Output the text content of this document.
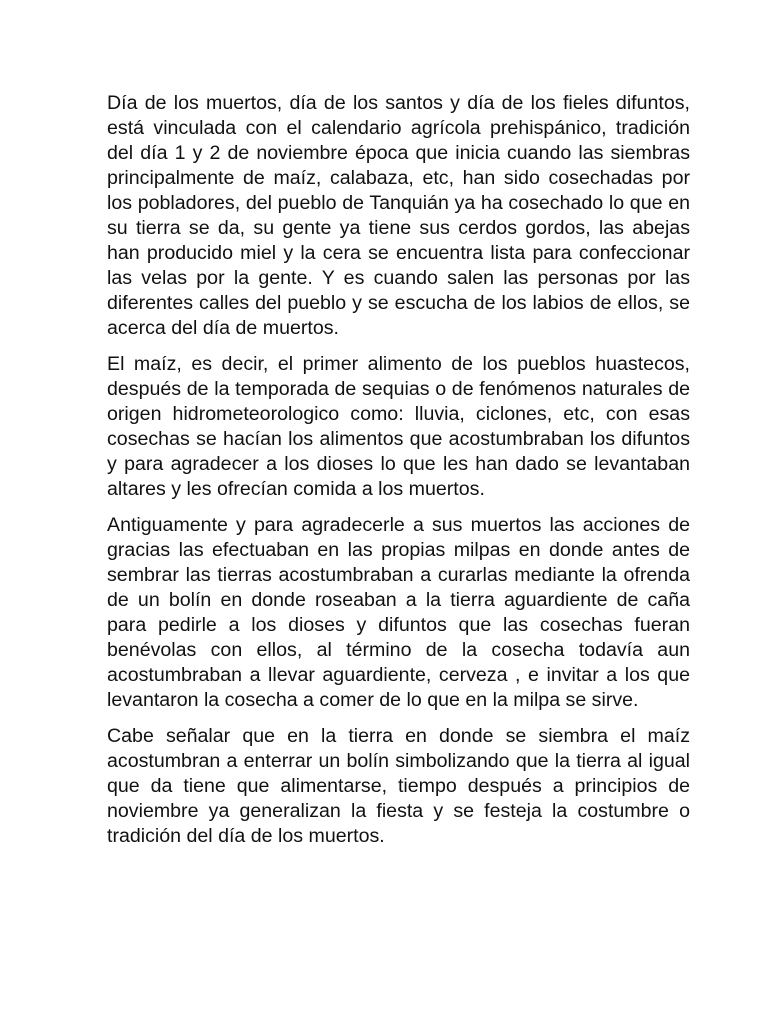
Día de los muertos, día de los santos y día de los fieles difuntos, está vinculada con el calendario agrícola prehispánico, tradición del día 1 y 2 de noviembre época que inicia cuando las siembras principalmente de maíz, calabaza, etc, han sido cosechadas por los pobladores, del pueblo de Tanquián ya ha cosechado lo que en su tierra se da, su gente ya tiene sus cerdos gordos, las abejas han producido miel y la cera se encuentra lista para confeccionar las velas por la gente. Y es cuando salen las personas por las diferentes calles del pueblo y se escucha de los labios de ellos, se acerca del día de muertos.

El maíz, es decir, el primer alimento de los pueblos huastecos, después de la temporada de sequias o de fenómenos naturales de origen hidrometeorologico como: lluvia, ciclones, etc, con esas cosechas se hacían los alimentos que acostumbraban los difuntos y para agradecer a los dioses lo que les han dado se levantaban altares y les ofrecían comida a los muertos.

Antiguamente y para agradecerle a sus muertos las acciones de gracias las efectuaban en las propias milpas en donde antes de sembrar las tierras acostumbraban a curarlas mediante la ofrenda de un bolín en donde roseaban a la tierra aguardiente de caña para pedirle a los dioses y difuntos que las cosechas fueran benévolas con ellos, al término de la cosecha todavía aun acostumbraban a llevar aguardiente, cerveza , e invitar a los que levantaron la cosecha a comer de lo que en la milpa se sirve.

Cabe señalar que en la tierra en donde se siembra el maíz acostumbran a enterrar un bolín simbolizando que la tierra al igual que da tiene que alimentarse, tiempo después a principios de noviembre ya generalizan la fiesta y se festeja la costumbre o tradición del día de los muertos.
